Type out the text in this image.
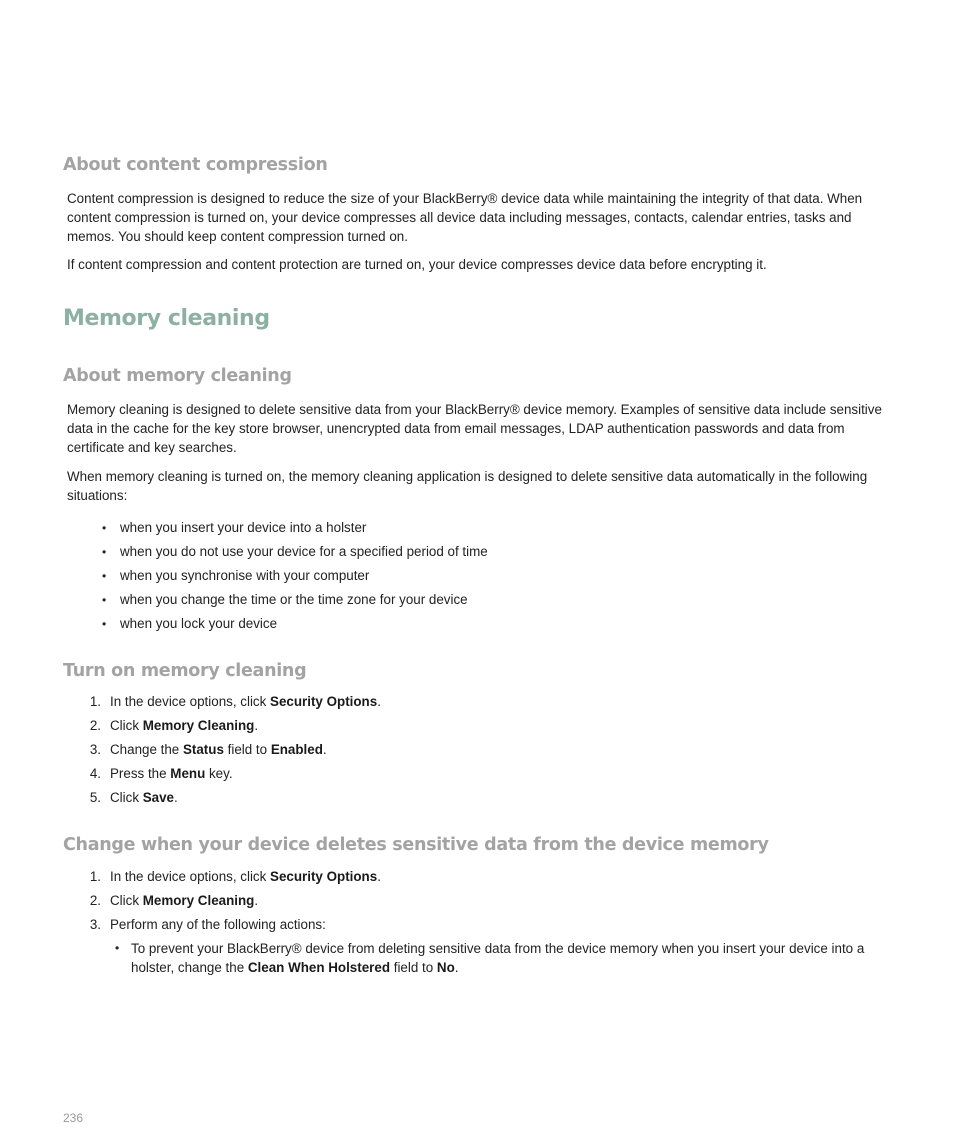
About content compression

Content compression is designed to reduce the size of your BlackBerry® device data while maintaining the integrity of that data. When content compression is turned on, your device compresses all device data including messages, contacts, calendar entries, tasks and memos. You should keep content compression turned on.

If content compression and content protection are turned on, your device compresses device data before encrypting it.

Memory cleaning
About memory cleaning

Memory cleaning is designed to delete sensitive data from your BlackBerry® device memory. Examples of sensitive data include sensitive data in the cache for the key store browser, unencrypted data from email messages, LDAP authentication passwords and data from certificate and key searches.

When memory cleaning is turned on, the memory cleaning application is designed to delete sensitive data automatically in the following situations:

• when you insert your device into a holster
• when you do not use your device for a specified period of time
• when you synchronise with your computer
• when you change the time or the time zone for your device
• when you lock your device
Turn on memory cleaning
1. In the device options, click Security Options.
2. Click Memory Cleaning.
3. Change the Status field to Enabled.
4. Press the Menu key.
5. Click Save.
Change when your device deletes sensitive data from the device memory
1. In the device options, click Security Options.
2. Click Memory Cleaning.
3. Perform any of the following actions:
• To prevent your BlackBerry® device from deleting sensitive data from the device memory when you insert your device into a holster, change the Clean When Holstered field to No.
236
